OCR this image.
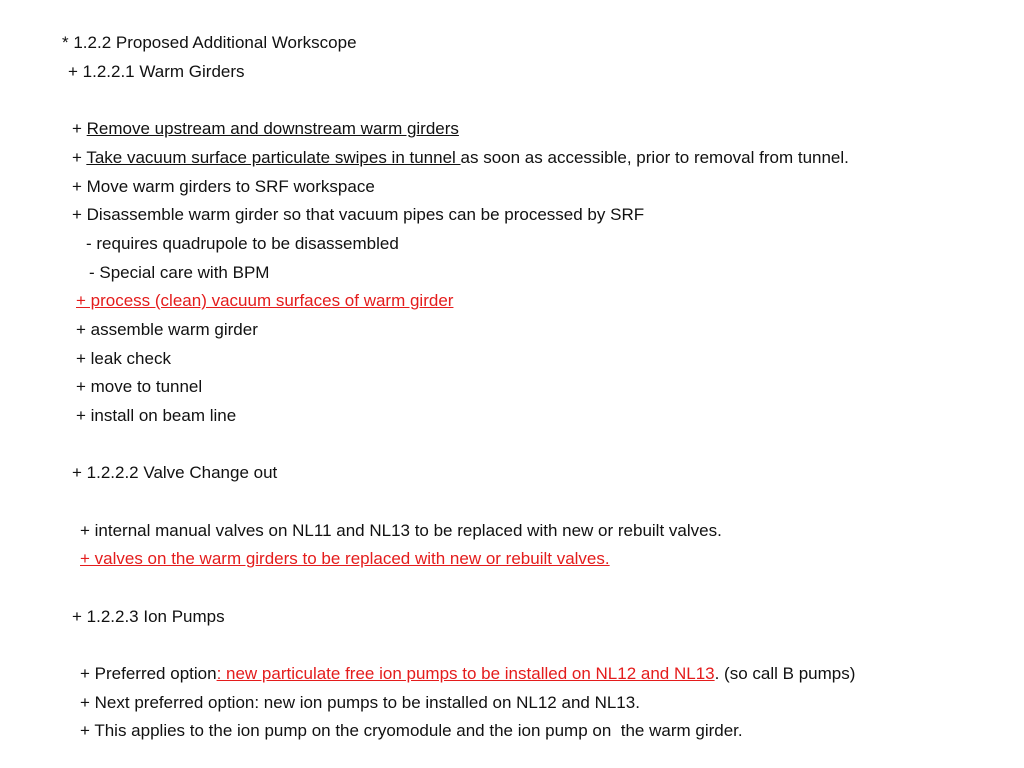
* 1.2.2 Proposed Additional Workscope
+ 1.2.2.1 Warm Girders
+ Remove upstream and downstream warm girders
+ Take vacuum surface particulate swipes in tunnel as soon as accessible, prior to removal from tunnel.
+ Move warm girders to SRF workspace
+ Disassemble warm girder so that vacuum pipes can be processed by SRF
- requires quadrupole to be disassembled
- Special care with BPM
+ process (clean) vacuum surfaces of warm girder
+ assemble warm girder
+ leak check
+ move to tunnel
+ install on beam line
+ 1.2.2.2 Valve Change out
+ internal manual valves on NL11 and NL13 to be replaced with new or rebuilt valves.
+ valves on the warm girders to be replaced with new or rebuilt valves.
+ 1.2.2.3 Ion Pumps
+ Preferred option: new particulate free ion pumps to be installed on NL12 and NL13. (so call B pumps)
+ Next preferred option: new ion pumps to be installed on NL12 and NL13.
+ This applies to the ion pump on the cryomodule and the ion pump on  the warm girder.
